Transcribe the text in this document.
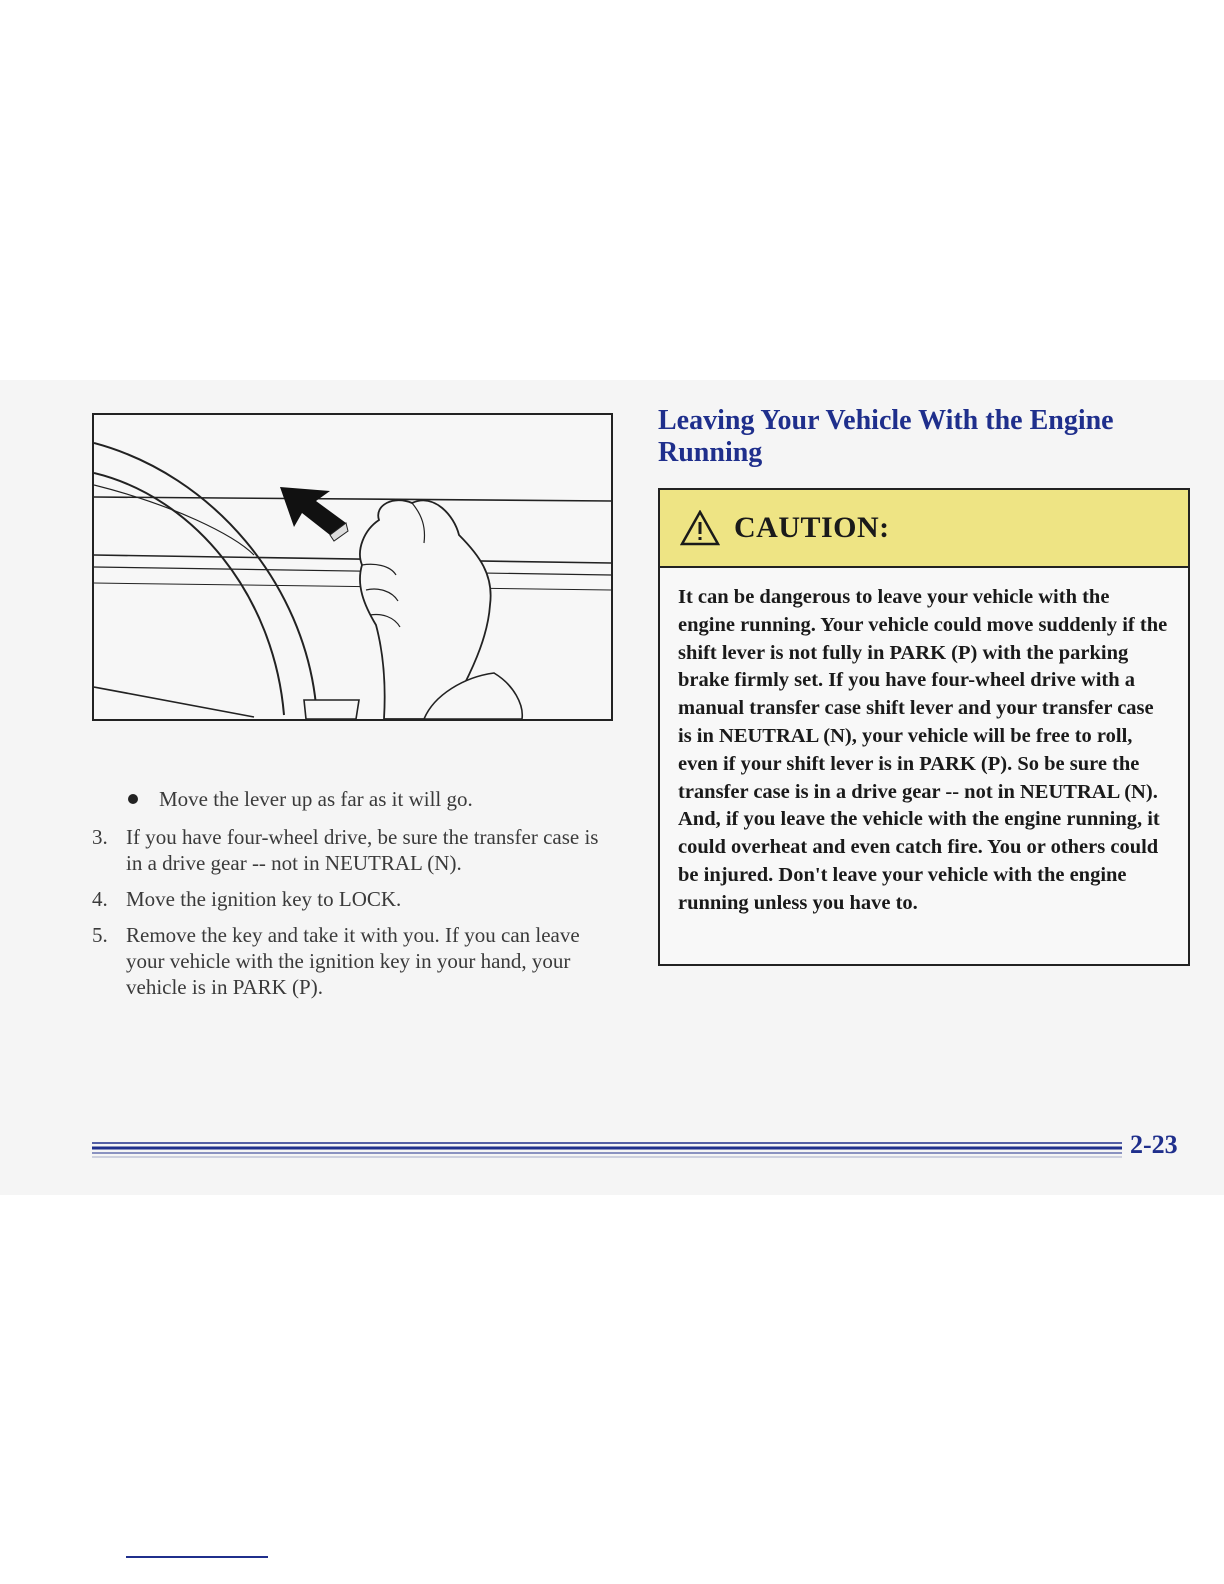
Move the lever up as far as it will go.
3. If you have four-wheel drive, be sure the transfer case is in a drive gear -- not in NEUTRAL (N).
4. Move the ignition key to LOCK.
5. Remove the key and take it with you. If you can leave your vehicle with the ignition key in your hand, your vehicle is in PARK (P).
Leaving Your Vehicle With the Engine Running
CAUTION:
It can be dangerous to leave your vehicle with the engine running. Your vehicle could move suddenly if the shift lever is not fully in PARK (P) with the parking brake firmly set. If you have four-wheel drive with a manual transfer case shift lever and your transfer case is in NEUTRAL (N), your vehicle will be free to roll, even if your shift lever is in PARK (P). So be sure the transfer case is in a drive gear -- not in NEUTRAL (N). And, if you leave the vehicle with the engine running, it could overheat and even catch fire. You or others could be injured. Don't leave your vehicle with the engine running unless you have to.
2-23
